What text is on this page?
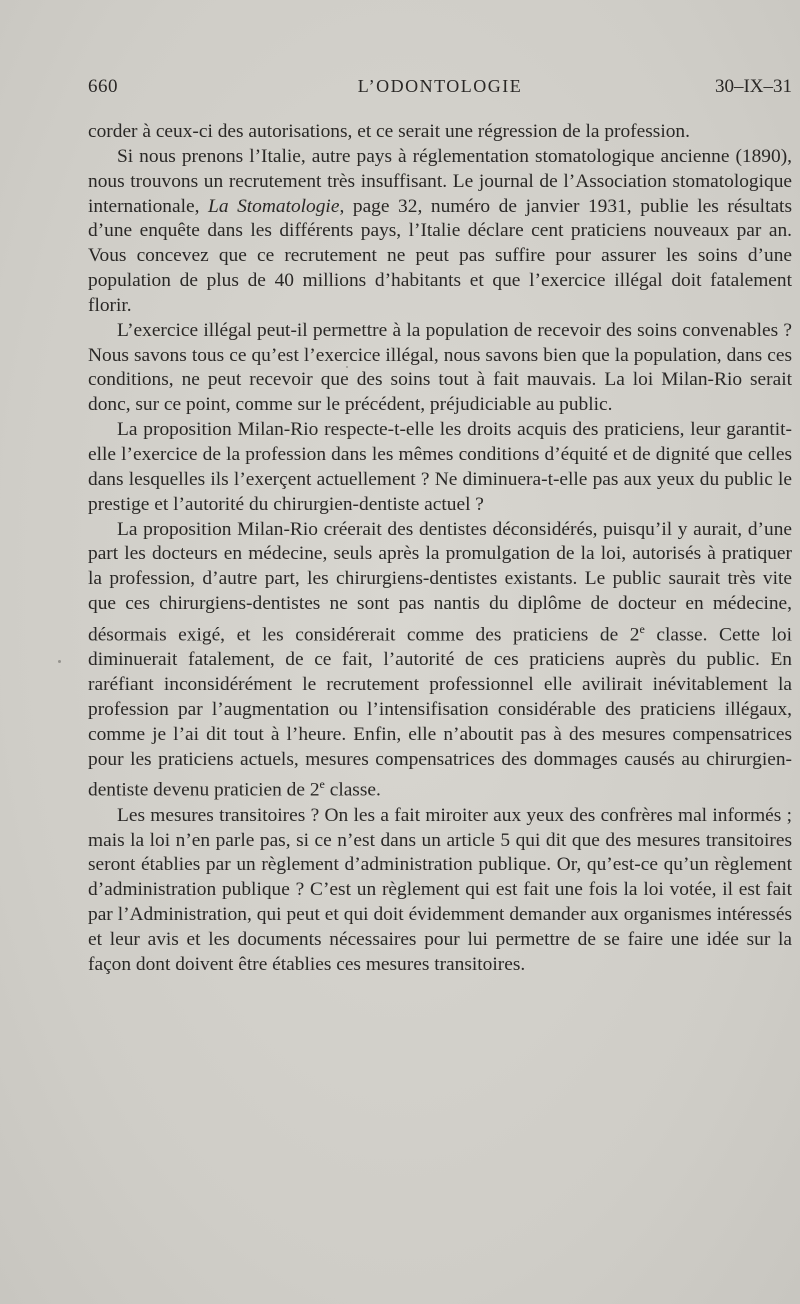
660	L’ODONTOLOGIE	30–IX–31

corder à ceux-ci des autorisations, et ce serait une régression de la profession.

Si nous prenons l’Italie, autre pays à réglementation stomatologique ancienne (1890), nous trouvons un recrutement très insuffisant. Le journal de l’Association stomatologique internationale, La Stomatologie, page 32, numéro de janvier 1931, publie les résultats d’une enquête dans les différents pays, l’Italie déclare cent praticiens nouveaux par an. Vous concevez que ce recrutement ne peut pas suffire pour assurer les soins d’une population de plus de 40 millions d’habitants et que l’exercice illégal doit fatalement florir.

L’exercice illégal peut-il permettre à la population de recevoir des soins convenables ? Nous savons tous ce qu’est l’exercice illégal, nous savons bien que la population, dans ces conditions, ne peut recevoir que des soins tout à fait mauvais. La loi Milan-Rio serait donc, sur ce point, comme sur le précédent, préjudiciable au public.

La proposition Milan-Rio respecte-t-elle les droits acquis des praticiens, leur garantit-elle l’exercice de la profession dans les mêmes conditions d’équité et de dignité que celles dans lesquelles ils l’exerçent actuellement ? Ne diminuera-t-elle pas aux yeux du public le prestige et l’autorité du chirurgien-dentiste actuel ?

La proposition Milan-Rio créerait des dentistes déconsidérés, puisqu’il y aurait, d’une part les docteurs en médecine, seuls après la promulgation de la loi, autorisés à pratiquer la profession, d’autre part, les chirurgiens-dentistes existants. Le public saurait très vite que ces chirurgiens-dentistes ne sont pas nantis du diplôme de docteur en médecine, désormais exigé, et les considérerait comme des praticiens de 2e classe. Cette loi diminuerait fatalement, de ce fait, l’autorité de ces praticiens auprès du public. En raréfiant inconsidérément le recrutement professionnel elle avilirait inévitablement la profession par l’augmentation ou l’intensifisation considérable des praticiens illégaux, comme je l’ai dit tout à l’heure. Enfin, elle n’aboutit pas à des mesures compensatrices pour les praticiens actuels, mesures compensatrices des dommages causés au chirurgien-dentiste devenu praticien de 2e classe.

Les mesures transitoires ? On les a fait miroiter aux yeux des confrères mal informés ; mais la loi n’en parle pas, si ce n’est dans un article 5 qui dit que des mesures transitoires seront établies par un règlement d’administration publique. Or, qu’est-ce qu’un règlement d’administration publique ? C’est un règlement qui est fait une fois la loi votée, il est fait par l’Administration, qui peut et qui doit évidemment demander aux organismes intéressés et leur avis et les documents nécessaires pour lui permettre de se faire une idée sur la façon dont doivent être établies ces mesures transitoires.
